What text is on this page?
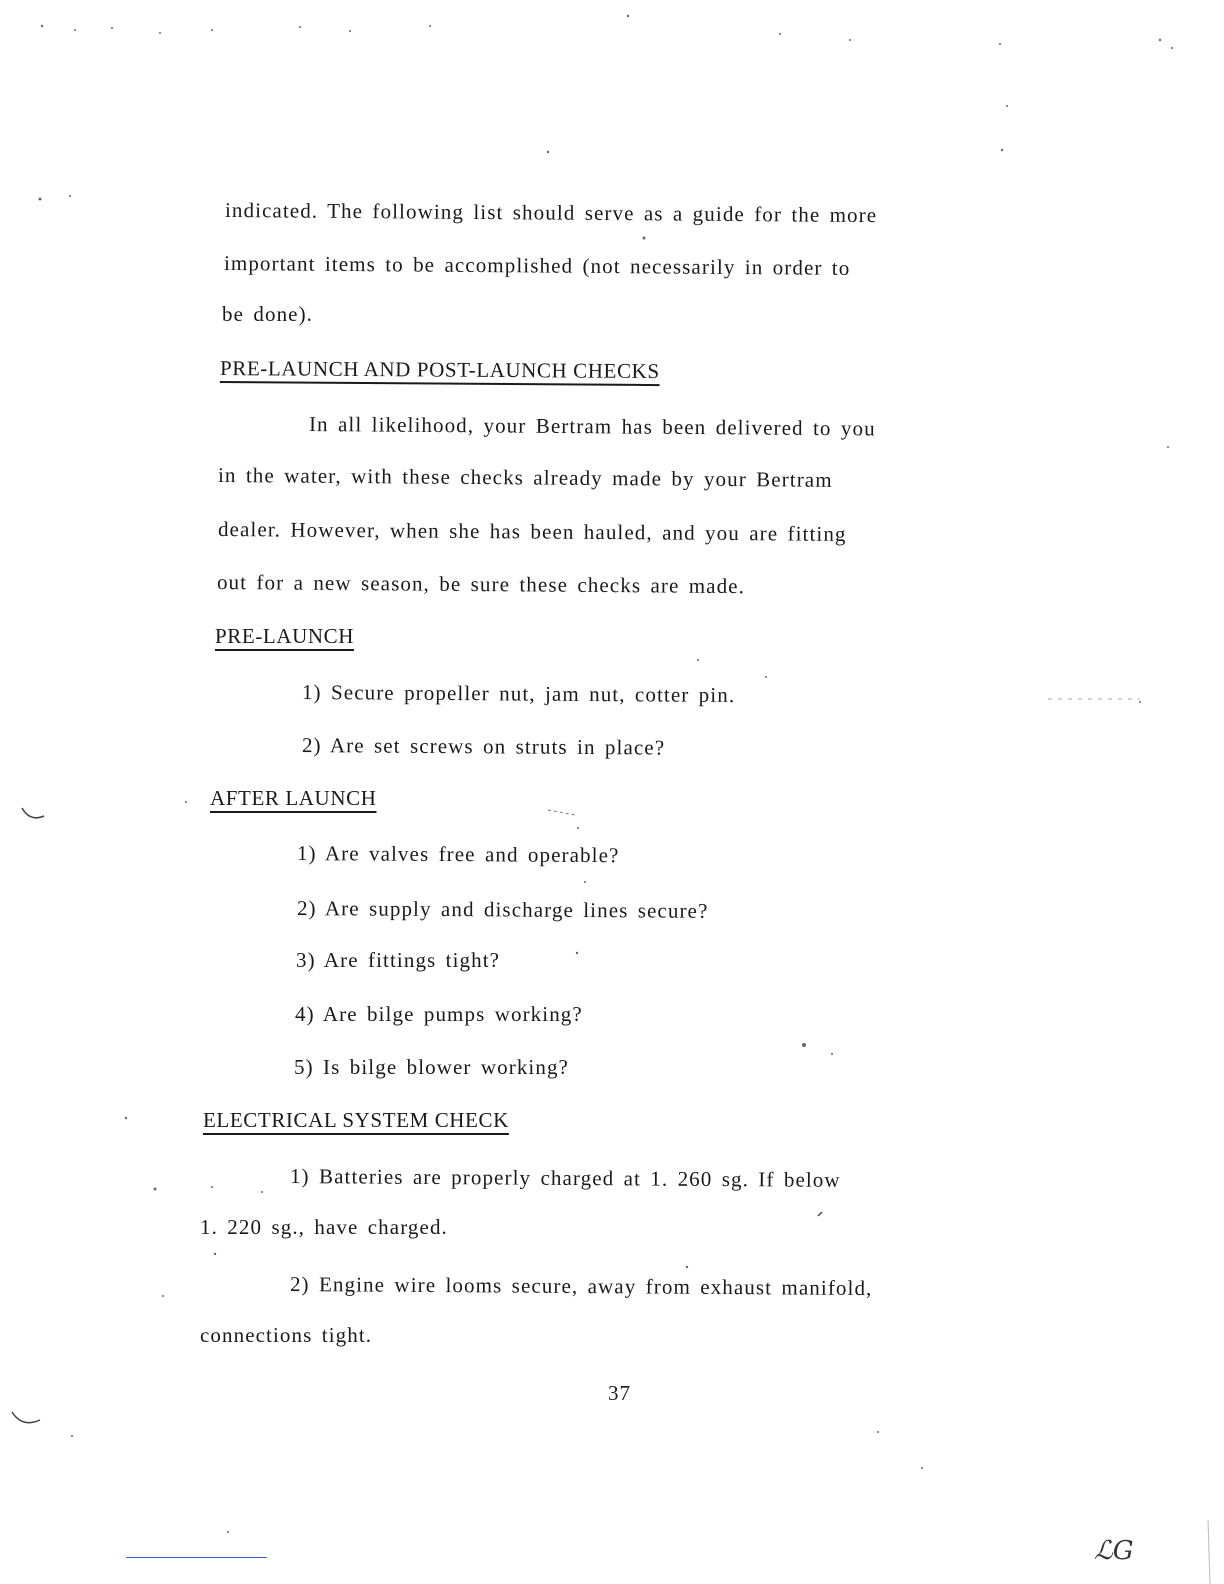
indicated. The following list should serve as a guide for the more
important items to be accomplished (not necessarily in order to
be done).
PRE-LAUNCH AND POST-LAUNCH CHECKS
In all likelihood, your Bertram has been delivered to you
in the water, with these checks already made by your Bertram
dealer. However, when she has been hauled, and you are fitting
out for a new season, be sure these checks are made.
PRE-LAUNCH
1) Secure propeller nut, jam nut, cotter pin.
2) Are set screws on struts in place?
AFTER LAUNCH
1) Are valves free and operable?
2) Are supply and discharge lines secure?
3) Are fittings tight?
4) Are bilge pumps working?
5) Is bilge blower working?
ELECTRICAL SYSTEM CHECK
1) Batteries are properly charged at 1. 260 sg. If below
1. 220 sg., have charged.
2) Engine wire looms secure, away from exhaust manifold,
connections tight.
37
ℒG
